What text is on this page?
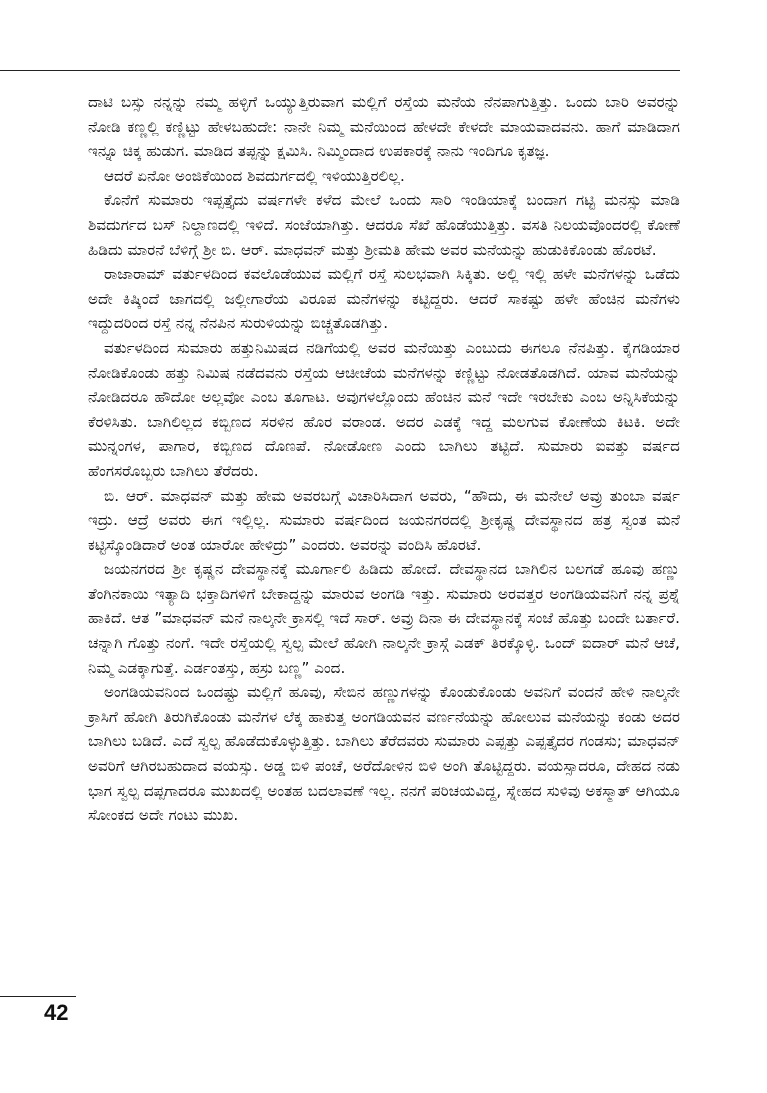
ದಾಟಿ ಬಸ್ಸು ನನ್ನನ್ನು ನಮ್ಮ ಹಳ್ಳಿಗೆ ಒಯ್ಯುತ್ತಿರುವಾಗ ಮಲ್ಲಿಗೆ ರಸ್ತೆಯ ಮನೆಯ ನೆನಪಾಗುತ್ತಿತ್ತು. ಒಂದು ಬಾರಿ ಅವರನ್ನು ನೋಡಿ ಕಣ್ಣಲ್ಲಿ ಕಣ್ಣಿಟ್ಟು ಹೇಳಬಹುದೇ: ನಾನೇ ನಿಮ್ಮ ಮನೆಯಿಂದ ಹೇಳದೇ ಕೇಳದೇ ಮಾಯವಾದವನು. ಹಾಗೆ ಮಾಡಿದಾಗ ಇನ್ನೂ ಚಿಕ್ಕ ಹುಡುಗ. ಮಾಡಿದ ತಪ್ಪನ್ನು ಕ್ಷಮಿಸಿ. ನಿಮ್ಮಿಂದಾದ ಉಪಕಾರಕ್ಕೆ ನಾನು ಇಂದಿಗೂ ಕೃತಜ್ಞ.

ಆದರೆ ಏನೋ ಅಂಜಿಕೆಯಿಂದ ಶಿವದುರ್ಗದಲ್ಲಿ ಇಳಿಯುತ್ತಿರಲಿಲ್ಲ.

ಕೊನೆಗೆ ಸುಮಾರು ಇಪ್ಪತ್ತೈದು ವರ್ಷಗಳೇ ಕಳೆದ ಮೇಲೆ ಒಂದು ಸಾರಿ ಇಂಡಿಯಾಕ್ಕೆ ಬಂದಾಗ ಗಟ್ಟಿ ಮನಸ್ಸು ಮಾಡಿ ಶಿವದುರ್ಗದ ಬಸ್ ನಿಲ್ದಾಣದಲ್ಲಿ ಇಳಿದೆ. ಸಂಜೆಯಾಗಿತ್ತು. ಆದರೂ ಸೆಖೆ ಹೊಡೆಯುತ್ತಿತ್ತು. ವಸತಿ ನಿಲಯವೊಂದರಲ್ಲಿ ಕೋಣೆ ಹಿಡಿದು ಮಾರನೆ ಬೆಳಿಗ್ಗೆ ಶ್ರೀ ಬಿ. ಆರ್. ಮಾಧವನ್ ಮತ್ತು ಶ್ರೀಮತಿ ಹೇಮ ಅವರ ಮನೆಯನ್ನು ಹುಡುಕಿಕೊಂಡು ಹೊರಟೆ.

ರಾಜಾರಾಮ್ ವರ್ತುಳದಿಂದ ಕವಲೊಡೆಯುವ ಮಲ್ಲಿಗೆ ರಸ್ತೆ ಸುಲಭವಾಗಿ ಸಿಕ್ಕಿತು. ಅಲ್ಲಿ ಇಲ್ಲಿ ಹಳೇ ಮನೆಗಳನ್ನು ಒಡೆದು ಅದೇ ಕಿಷ್ಕಿಂದೆ ಜಾಗದಲ್ಲಿ ಜಲ್ಲೀಗಾರೆಯ ವಿರೂಪ ಮನೆಗಳನ್ನು ಕಟ್ಟಿದ್ದರು. ಆದರೆ ಸಾಕಷ್ಟು ಹಳೇ ಹೆಂಚಿನ ಮನೆಗಳು ಇದ್ದುದರಿಂದ ರಸ್ತೆ ನನ್ನ ನೆನಪಿನ ಸುರುಳಿಯನ್ನು ಬಿಚ್ಚತೊಡಗಿತ್ತು.

ವರ್ತುಳದಿಂದ ಸುಮಾರು ಹತ್ತುನಿಮಿಷದ ನಡಿಗೆಯಲ್ಲಿ ಅವರ ಮನೆಯಿತ್ತು ಎಂಬುದು ಈಗಲೂ ನೆನಪಿತ್ತು. ಕೈಗಡಿಯಾರ ನೋಡಿಕೊಂಡು ಹತ್ತು ನಿಮಿಷ ನಡೆದವನು ರಸ್ತೆಯ ಆಚೀಚೆಯ ಮನೆಗಳನ್ನು ಕಣ್ಣಿಟ್ಟು ನೋಡತೊಡಗಿದೆ. ಯಾವ ಮನೆಯನ್ನು ನೋಡಿದರೂ ಹೌದೋ ಅಲ್ಲವೋ ಎಂಬ ತೂಗಾಟ. ಅವುಗಳಲ್ಲೊಂದು ಹೆಂಚಿನ ಮನೆ ಇದೇ ಇರಬೇಕು ಎಂಬ ಅನ್ನಿಸಿಕೆಯನ್ನು ಕೆರಳಿಸಿತು. ಬಾಗಿಲಿಲ್ಲದ ಕಬ್ಬಿಣದ ಸರಳಿನ ಹೊರ ವರಾಂಡ. ಅದರ ಎಡಕ್ಕೆ ಇದ್ದ ಮಲಗುವ ಕೋಣೆಯ ಕಿಟಕಿ. ಅದೇ ಮುನ್ನಂಗಳ, ಪಾಗಾರ, ಕಬ್ಬಿಣದ ದೊಣಪೆ. ನೋಡೋಣ ಎಂದು ಬಾಗಿಲು ತಟ್ಟಿದೆ. ಸುಮಾರು ಐವತ್ತು ವರ್ಷದ ಹೆಂಗಸರೊಬ್ಬರು ಬಾಗಿಲು ತೆರೆದರು.

ಬಿ. ಆರ್. ಮಾಧವನ್ ಮತ್ತು ಹೇಮ ಅವರಬಗ್ಗೆ ವಿಚಾರಿಸಿದಾಗ ಅವರು, “ಹೌದು, ಈ ಮನೇಲೆ ಅವ್ರು ತುಂಬಾ ವರ್ಷ ಇದ್ರು. ಆದ್ರೆ ಅವರು ಈಗ ಇಲ್ಲಿಲ್ಲ. ಸುಮಾರು ವರ್ಷದಿಂದ ಜಯನಗರದಲ್ಲಿ ಶ್ರೀಕೃಷ್ಣ ದೇವಸ್ಥಾನದ ಹತ್ರ ಸ್ವಂತ ಮನೆ ಕಟ್ಟಿಸ್ಕೊಂಡಿದಾರೆ ಅಂತ ಯಾರೋ ಹೇಳಿದ್ರು” ಎಂದರು. ಅವರನ್ನು ವಂದಿಸಿ ಹೊರಟೆ.

ಜಯನಗರದ ಶ್ರೀ ಕೃಷ್ಣನ ದೇವಸ್ಥಾನಕ್ಕೆ ಮೂರ್ಗಾಲಿ ಹಿಡಿದು ಹೋದೆ. ದೇವಸ್ಥಾನದ ಬಾಗಿಲಿನ ಬಲಗಡೆ ಹೂವು ಹಣ್ಣು ತೆಂಗಿನಕಾಯಿ ಇತ್ಯಾದಿ ಭಕ್ತಾದಿಗಳಿಗೆ ಬೇಕಾದ್ದನ್ನು ಮಾರುವ ಅಂಗಡಿ ಇತ್ತು. ಸುಮಾರು ಅರವತ್ತರ ಅಂಗಡಿಯವನಿಗೆ ನನ್ನ ಪ್ರಶ್ನೆ ಹಾಕಿದೆ. ಆತ ”ಮಾಧವನ್ ಮನೆ ನಾಲ್ಕನೇ ಕ್ರಾಸಲ್ಲಿ ಇದೆ ಸಾರ್. ಅವ್ರು ದಿನಾ ಈ ದೇವಸ್ಥಾನಕ್ಕೆ ಸಂಜೆ ಹೊತ್ತು ಬಂದೇ ಬರ್ತಾರೆ. ಚನ್ನಾಗಿ ಗೊತ್ತು ನಂಗೆ. ಇದೇ ರಸ್ತೆಯಲ್ಲಿ ಸ್ವಲ್ಪ ಮೇಲೆ ಹೋಗಿ ನಾಲ್ಕನೇ ಕ್ರಾಸ್ಗೆ ಎಡಕ್ ತಿರಕ್ಕೊಳ್ಳಿ. ಒಂದ್ ಐದಾರ್ ಮನೆ ಆಚೆ, ನಿಮ್ಮ ಎಡಕ್ಕಾಗುತ್ತೆ. ಎರ್ಡಂತಸ್ತು, ಹಸ್ರು ಬಣ್ಣ” ಎಂದ.

ಅಂಗಡಿಯವನಿಂದ ಒಂದಷ್ಟು ಮಲ್ಲಿಗೆ ಹೂವು, ಸೇಬಿನ ಹಣ್ಣುಗಳನ್ನು ಕೊಂಡುಕೊಂಡು ಅವನಿಗೆ ವಂದನೆ ಹೇಳಿ ನಾಲ್ಕನೇ ಕ್ರಾಸಿಗೆ ಹೋಗಿ ತಿರುಗಿಕೊಂಡು ಮನೆಗಳ ಲೆಕ್ಕ ಹಾಕುತ್ತ ಅಂಗಡಿಯವನ ವರ್ಣನೆಯನ್ನು ಹೋಲುವ ಮನೆಯನ್ನು ಕಂಡು ಅದರ ಬಾಗಿಲು ಬಡಿದೆ. ಎದೆ ಸ್ವಲ್ಪ ಹೊಡೆದುಕೊಳ್ಳುತ್ತಿತ್ತು. ಬಾಗಿಲು ತೆರೆದವರು ಸುಮಾರು ಎಪ್ಪತ್ತು ಎಪ್ಪತ್ತೈದರ ಗಂಡಸು; ಮಾಧವನ್ ಅವರಿಗೆ ಆಗಿರಬಹುದಾದ ವಯಸ್ಸು. ಅಡ್ಡ ಬಿಳಿ ಪಂಚೆ, ಅರೆದೋಳಿನ ಬಿಳಿ ಅಂಗಿ ತೊಟ್ಟಿದ್ದರು. ವಯಸ್ಸಾದರೂ, ದೇಹದ ನಡು ಭಾಗ ಸ್ವಲ್ಪ ದಪ್ಪಗಾದರೂ ಮುಖದಲ್ಲಿ ಅಂತಹ ಬದಲಾವಣೆ ಇಲ್ಲ. ನನಗೆ ಪರಿಚಯವಿದ್ದ, ಸ್ನೇಹದ ಸುಳಿವು ಅಕಸ್ಮಾತ್ ಆಗಿಯೂ ಸೋಂಕದ ಅದೇ ಗಂಟು ಮುಖ.

42
